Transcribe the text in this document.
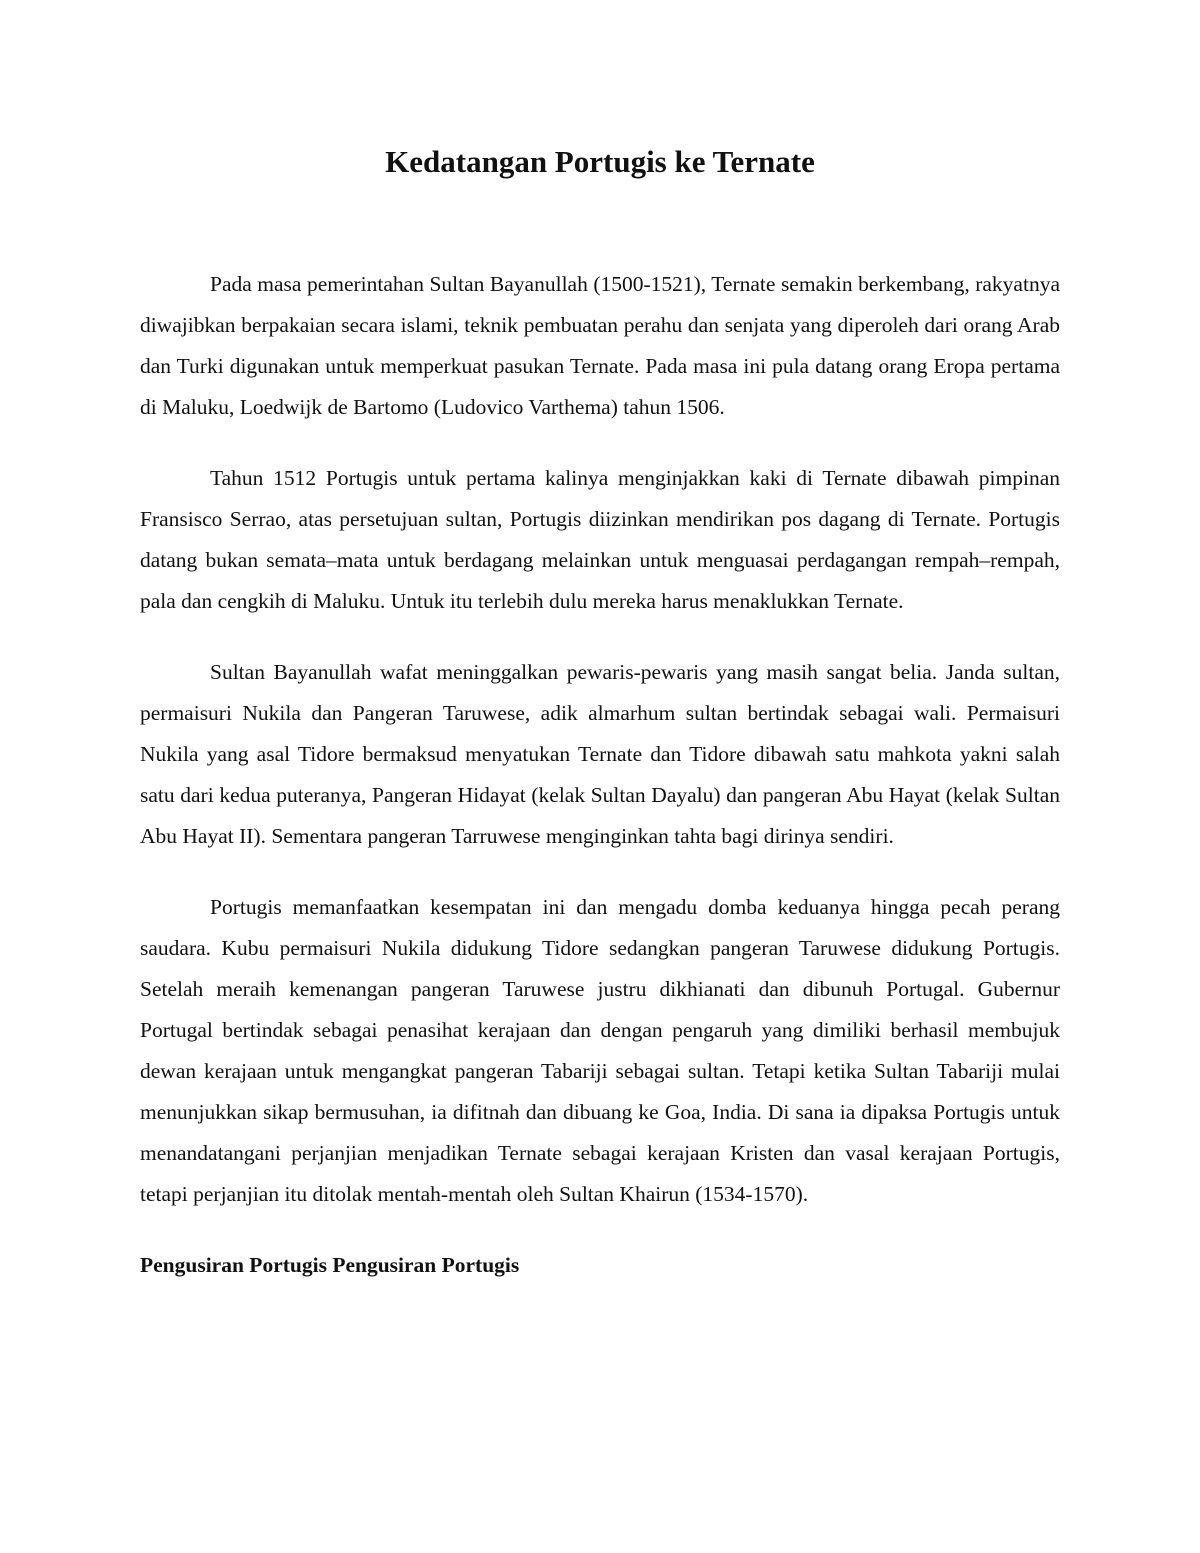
Kedatangan Portugis ke Ternate

Pada masa pemerintahan Sultan Bayanullah (1500-1521), Ternate semakin berkembang, rakyatnya diwajibkan berpakaian secara islami, teknik pembuatan perahu dan senjata yang diperoleh dari orang Arab dan Turki digunakan untuk memperkuat pasukan Ternate. Pada masa ini pula datang orang Eropa pertama di Maluku, Loedwijk de Bartomo (Ludovico Varthema) tahun 1506.

Tahun 1512 Portugis untuk pertama kalinya menginjakkan kaki di Ternate dibawah pimpinan Fransisco Serrao, atas persetujuan sultan, Portugis diizinkan mendirikan pos dagang di Ternate. Portugis datang bukan semata–mata untuk berdagang melainkan untuk menguasai perdagangan rempah–rempah, pala dan cengkih di Maluku. Untuk itu terlebih dulu mereka harus menaklukkan Ternate.

Sultan Bayanullah wafat meninggalkan pewaris-pewaris yang masih sangat belia. Janda sultan, permaisuri Nukila dan Pangeran Taruwese, adik almarhum sultan bertindak sebagai wali. Permaisuri Nukila yang asal Tidore bermaksud menyatukan Ternate dan Tidore dibawah satu mahkota yakni salah satu dari kedua puteranya, Pangeran Hidayat (kelak Sultan Dayalu) dan pangeran Abu Hayat (kelak Sultan Abu Hayat II). Sementara pangeran Tarruwese menginginkan tahta bagi dirinya sendiri.

Portugis memanfaatkan kesempatan ini dan mengadu domba keduanya hingga pecah perang saudara. Kubu permaisuri Nukila didukung Tidore sedangkan pangeran Taruwese didukung Portugis. Setelah meraih kemenangan pangeran Taruwese justru dikhianati dan dibunuh Portugal. Gubernur Portugal bertindak sebagai penasihat kerajaan dan dengan pengaruh yang dimiliki berhasil membujuk dewan kerajaan untuk mengangkat pangeran Tabariji sebagai sultan. Tetapi ketika Sultan Tabariji mulai menunjukkan sikap bermusuhan, ia difitnah dan dibuang ke Goa, India. Di sana ia dipaksa Portugis untuk menandatangani perjanjian menjadikan Ternate sebagai kerajaan Kristen dan vasal kerajaan Portugis, tetapi perjanjian itu ditolak mentah-mentah oleh Sultan Khairun (1534-1570).

Pengusiran Portugis Pengusiran Portugis
